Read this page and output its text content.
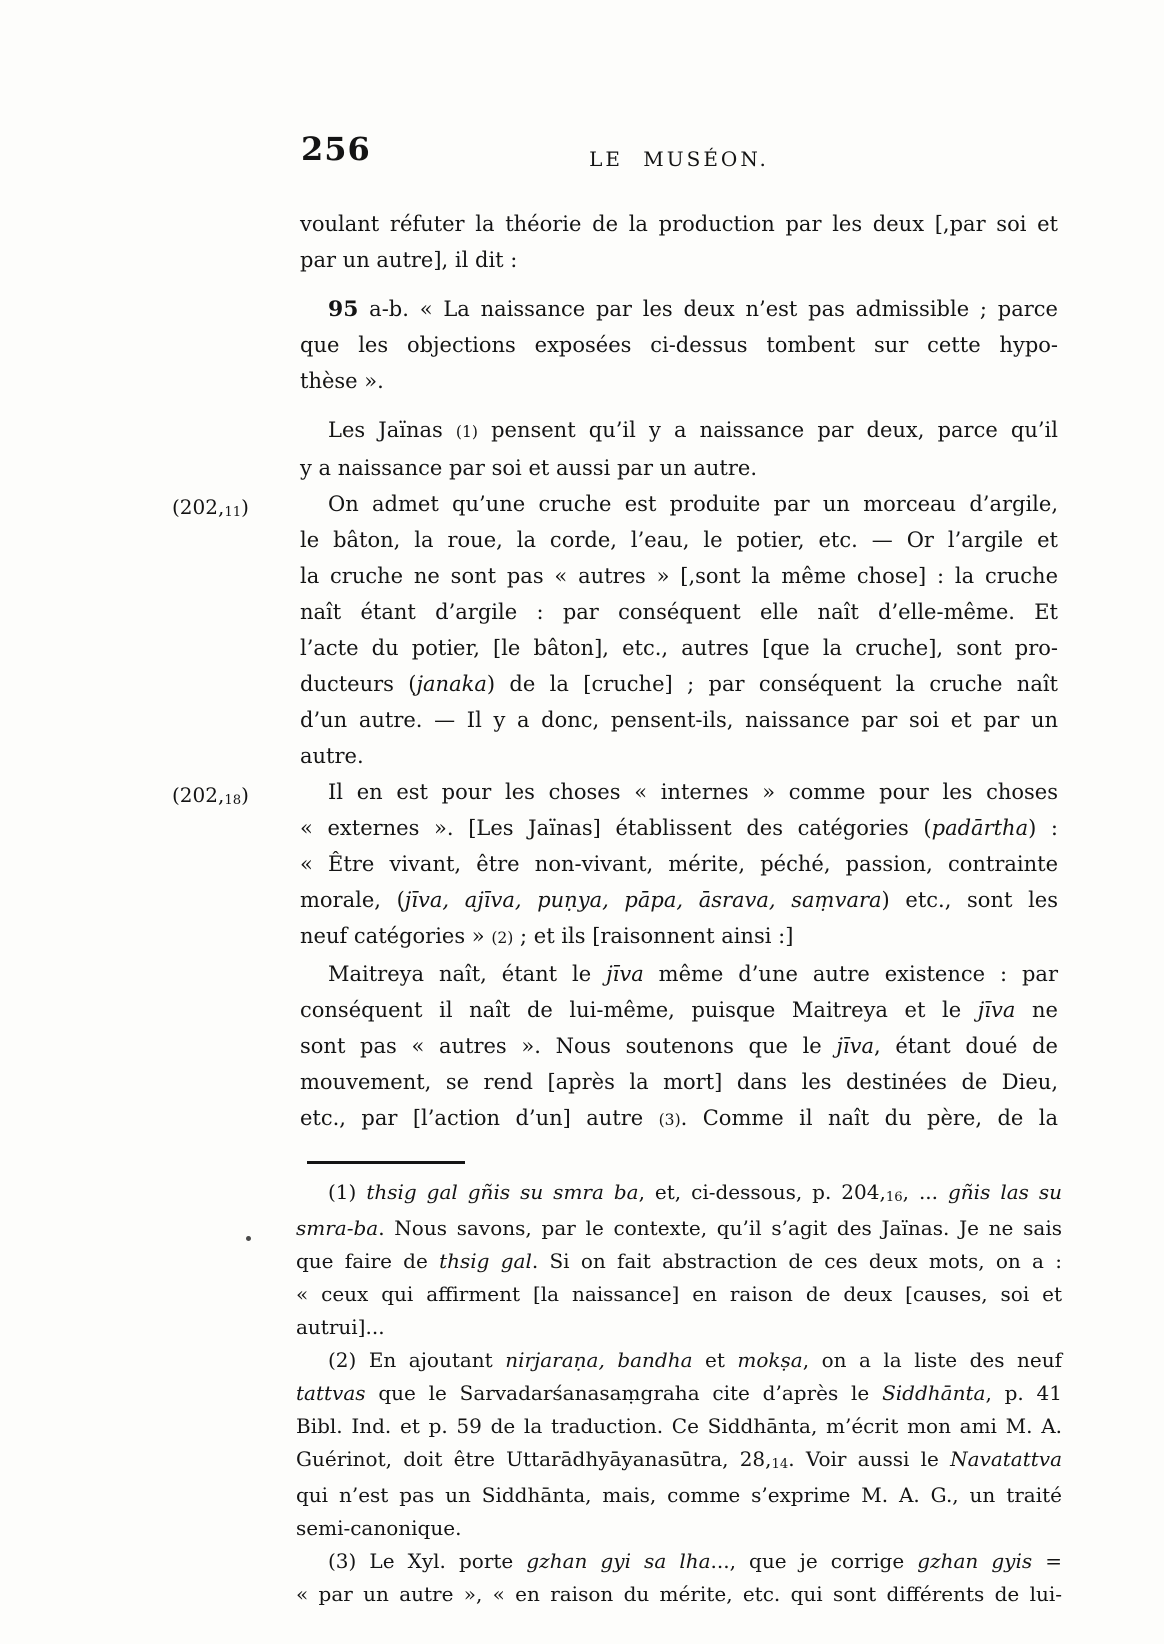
256	LE MUSÉON.
voulant réfuter la théorie de la production par les deux [,par soi et
par un autre], il dit :
95 a-b. « La naissance par les deux n’est pas admissible ; parce
que les objections exposées ci-dessus tombent sur cette hypo-
thèse ».
Les Jaïnas (1) pensent qu’il y a naissance par deux, parce qu’il
y a naissance par soi et aussi par un autre.
(202,11)	On admet qu’une cruche est produite par un morceau d’argile,
le bâton, la roue, la corde, l’eau, le potier, etc. — Or l’argile et
la cruche ne sont pas « autres » [,sont la même chose] : la cruche
naît étant d’argile : par conséquent elle naît d’elle-même. Et
l’acte du potier, [le bâton], etc., autres [que la cruche], sont pro-
ducteurs (janaka) de la [cruche] ; par conséquent la cruche naît
d’un autre. — Il y a donc, pensent-ils, naissance par soi et par un
autre.
(202,18)	Il en est pour les choses « internes » comme pour les choses
« externes ». [Les Jaïnas] établissent des catégories (padārtha) :
« Être vivant, être non-vivant, mérite, péché, passion, contrainte
morale, (jīva, ajīva, puṇya, pāpa, āsrava, saṃvara) etc., sont les
neuf catégories » (2) ; et ils [raisonnent ainsi :]
Maitreya naît, étant le jīva même d’une autre existence : par
conséquent il naît de lui-même, puisque Maitreya et le jīva ne
sont pas « autres ». Nous soutenons que le jīva, étant doué de
mouvement, se rend [après la mort] dans les destinées de Dieu,
etc., par [l’action d’un] autre (3). Comme il naît du père, de la
(1) thsig gal gñis su smra ba, et, ci-dessous, p. 204,16, ... gñis las su
smra-ba. Nous savons, par le contexte, qu’il s’agit des Jaïnas. Je ne sais
que faire de thsig gal. Si on fait abstraction de ces deux mots, on a :
« ceux qui affirment [la naissance] en raison de deux [causes, soi et
autrui]...
(2) En ajoutant nirjaraṇa, bandha et mokṣa, on a la liste des neuf
tattvas que le Sarvadarśanasaṃgraha cite d’après le Siddhānta, p. 41
Bibl. Ind. et p. 59 de la traduction. Ce Siddhānta, m’écrit mon ami M. A.
Guérinot, doit être Uttarādhyāyanasūtra, 28,14. Voir aussi le Navatattva
qui n’est pas un Siddhānta, mais, comme s’exprime M. A. G., un traité
semi-canonique.
(3) Le Xyl. porte gzhan gyi sa lha..., que je corrige gzhan gyis =
« par un autre », « en raison du mérite, etc. qui sont différents de lui-
